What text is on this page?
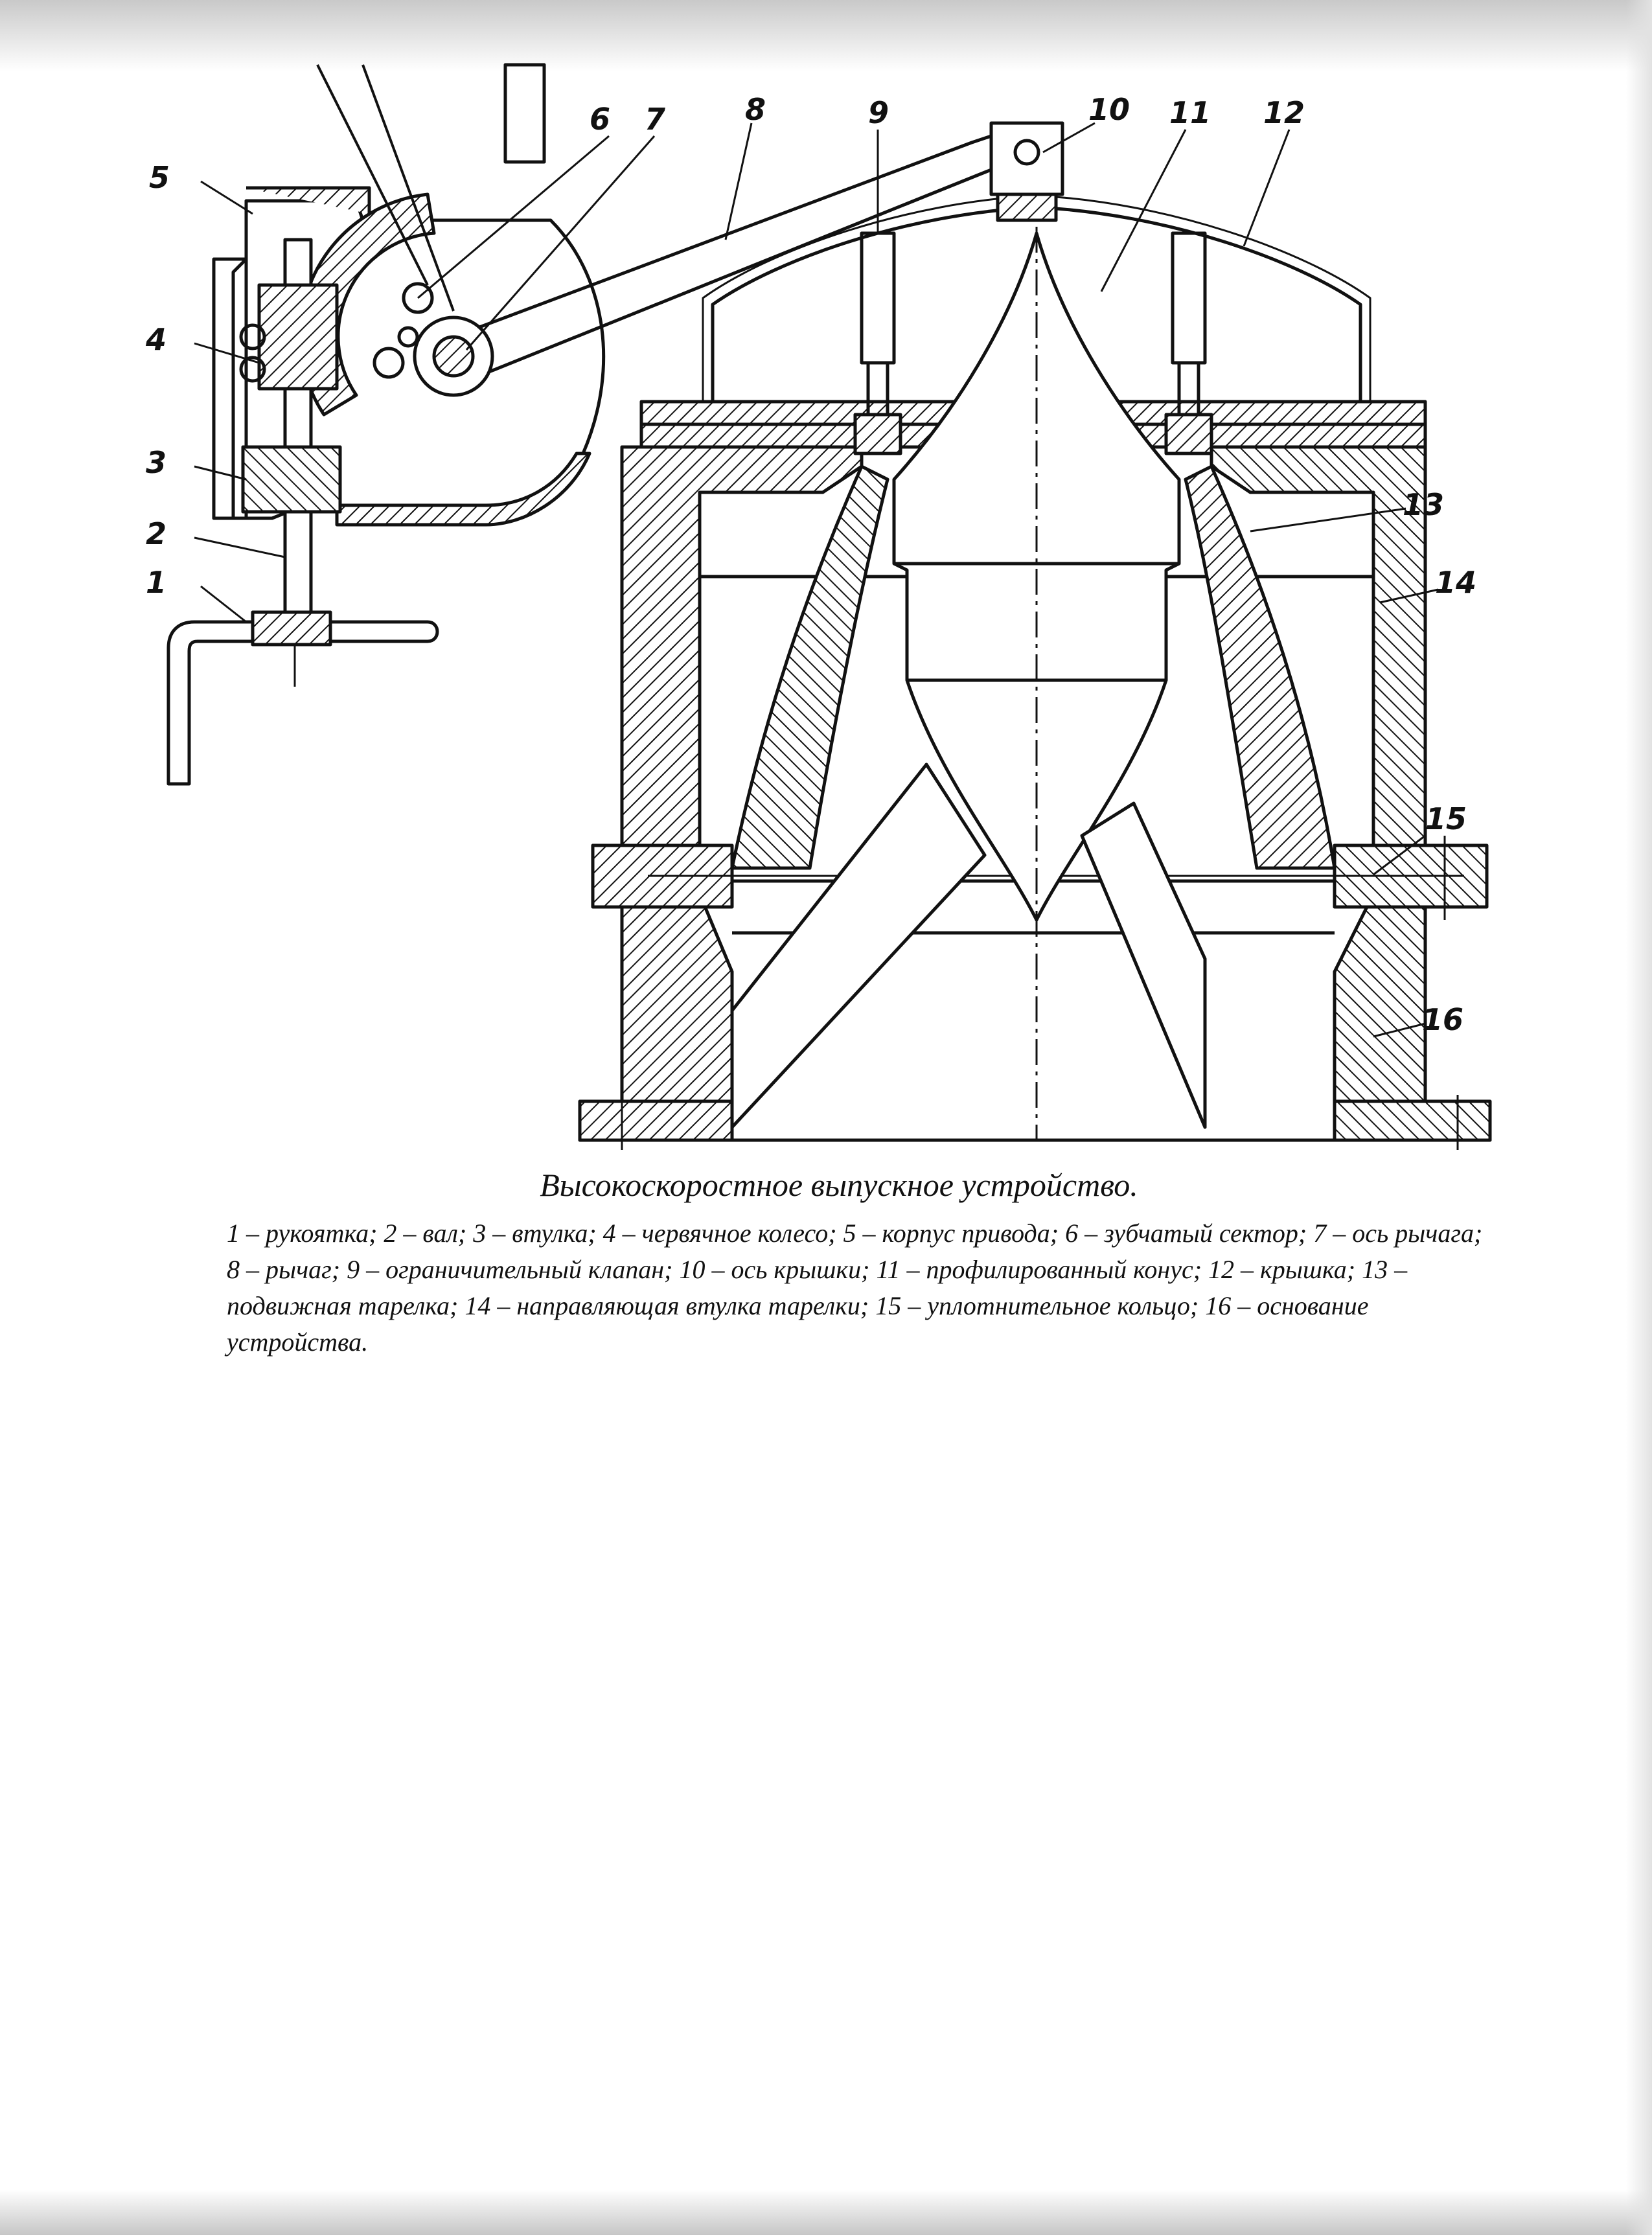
1
2
3
4
5
6 7	8	9	10 11 12
13
14
15
16

Высокоскоростное выпускное устройство.

1 – рукоятка; 2 – вал; 3 – втулка; 4 – червячное колесо; 5 – корпус привода; 6 – зубчатый сектор; 7 – ось рычага; 8 – рычаг; 9 – ограничительный клапан; 10 – ось крышки; 11 – профилированный конус; 12 – крышка; 13 – подвижная тарелка; 14 – направляющая втулка тарелки; 15 – уплотнительное кольцо; 16 – основание устройства.
